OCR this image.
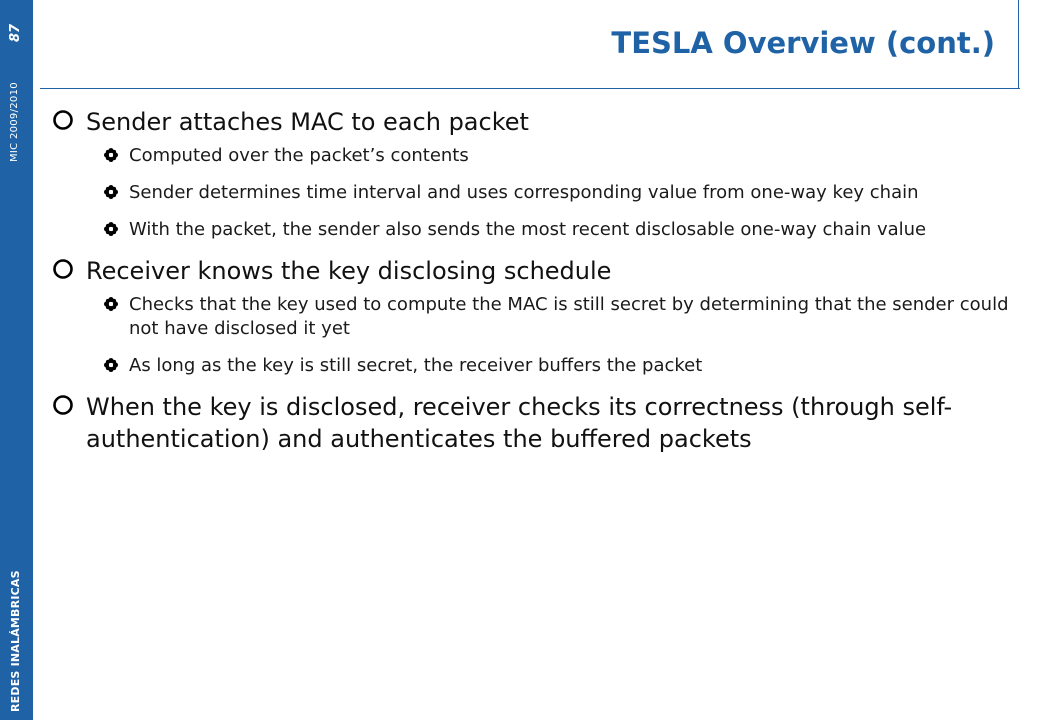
87
MIC 2009/2010
REDES INALÁMBRICAS
TESLA Overview (cont.)
Sender attaches MAC to each packet
Computed over the packet’s contents
Sender determines time interval and uses corresponding value from one-way key chain
With the packet, the sender also sends the most recent disclosable one-way chain value
Receiver knows the key disclosing schedule
Checks that the key used to compute the MAC is still secret by determining that the sender could not have disclosed it yet
As long as the key is still secret, the receiver buffers the packet
When the key is disclosed, receiver checks its correctness (through self-authentication) and authenticates the buffered packets
